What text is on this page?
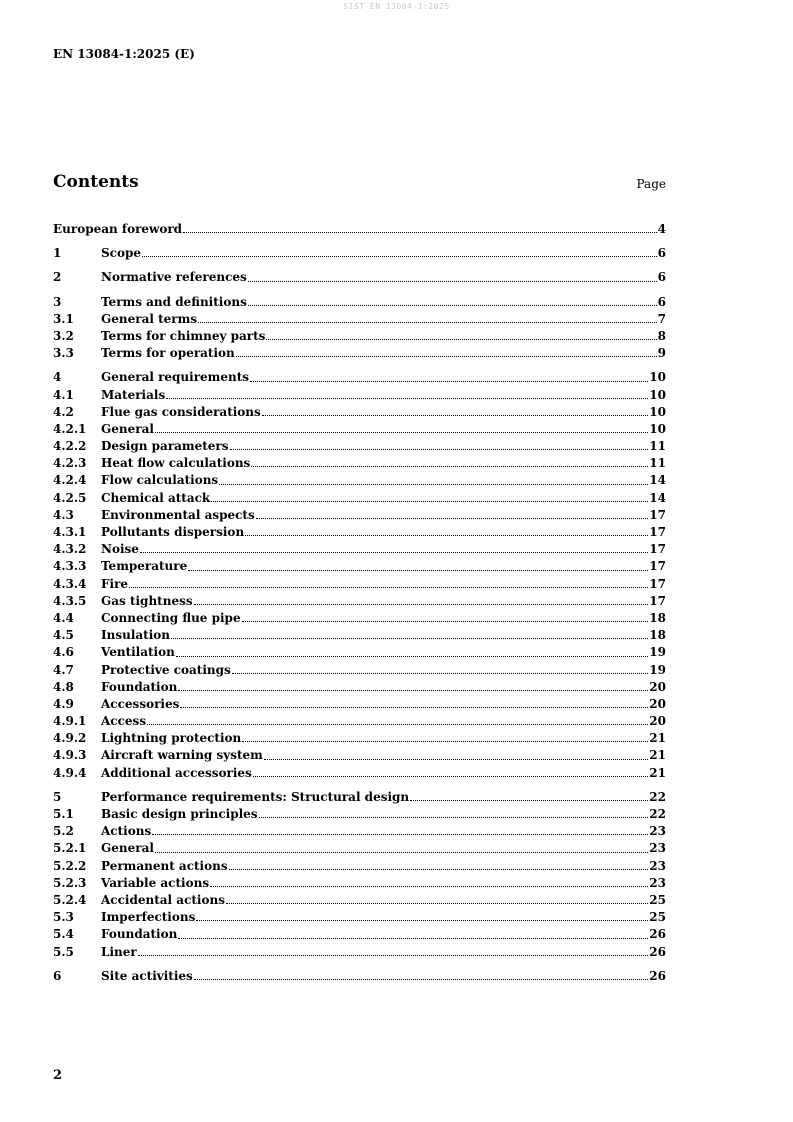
SIST EN 13084-1:2025
EN 13084-1:2025 (E)
Contents	Page
European foreword	4
1	Scope	6
2	Normative references	6
3	Terms and definitions	6
3.1	General terms	7
3.2	Terms for chimney parts	8
3.3	Terms for operation	9
4	General requirements	10
4.1	Materials	10
4.2	Flue gas considerations	10
4.2.1	General	10
4.2.2	Design parameters	11
4.2.3	Heat flow calculations	11
4.2.4	Flow calculations	14
4.2.5	Chemical attack	14
4.3	Environmental aspects	17
4.3.1	Pollutants dispersion	17
4.3.2	Noise	17
4.3.3	Temperature	17
4.3.4	Fire	17
4.3.5	Gas tightness	17
4.4	Connecting flue pipe	18
4.5	Insulation	18
4.6	Ventilation	19
4.7	Protective coatings	19
4.8	Foundation	20
4.9	Accessories	20
4.9.1	Access	20
4.9.2	Lightning protection	21
4.9.3	Aircraft warning system	21
4.9.4	Additional accessories	21
5	Performance requirements: Structural design	22
5.1	Basic design principles	22
5.2	Actions	23
5.2.1	General	23
5.2.2	Permanent actions	23
5.2.3	Variable actions	23
5.2.4	Accidental actions	25
5.3	Imperfections	25
5.4	Foundation	26
5.5	Liner	26
6	Site activities	26
2
